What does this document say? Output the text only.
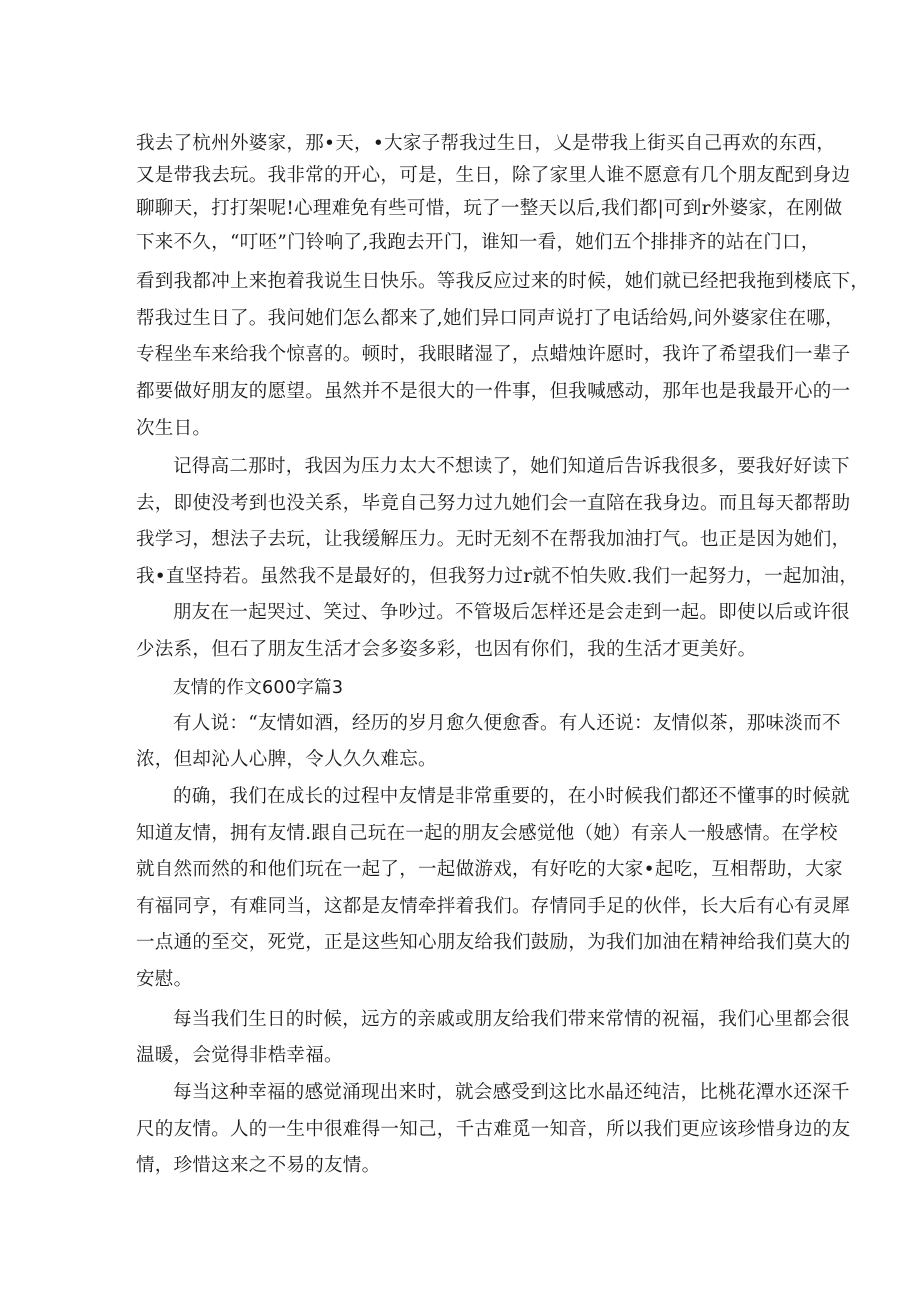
我去了杭州外婆家，那•天，•大家子帮我过生日，乂是带我上街买自己再欢的东西，
又是带我去玩。我非常的开心，可是，生日，除了家里人谁不愿意有几个朋友配到身边
聊聊天，打打架呢!心理难免有些可惜，玩了一整天以后,我们都|可到r外婆家，在刚做
下来不久，“叮呸”门铃响了,我跑去开门，谁知一看，她们五个排排齐的站在门口，
看到我都冲上来抱着我说生日快乐。等我反应过来的时候，她们就已经把我拖到楼底下，
帮我过生日了。我问她们怎么都来了,她们异口同声说打了电话给妈,问外婆家住在哪，
专程坐车来给我个惊喜的。顿时，我眼睹湿了，点蜡烛许愿时，我许了希望我们一辈子
都要做好朋友的愿望。虽然并不是很大的一件事，但我喊感动，那年也是我最开心的一
次生日。
记得高二那时，我因为压力太大不想读了，她们知道后告诉我很多，要我好好读下
去，即使没考到也没关系，毕竟自己努力过九她们会一直陪在我身边。而且每天都帮助
我学习，想法子去玩，让我缓解压力。无时无刻不在帮我加油打气。也正是因为她们，
我•直坚持若。虽然我不是最好的，但我努力过r就不怕失败.我们一起努力，一起加油，
朋友在一起哭过、笑过、争吵过。不管圾后怎样还是会走到一起。即使以后或许很
少法系，但石了朋友生活才会多姿多彩，也因有你们，我的生活才更美好。
友情的作文600字篇3
有人说：“友情如酒，经历的岁月愈久便愈香。有人还说：友情似茶，那味淡而不
浓，但却沁人心脾，令人久久难忘。
的确，我们在成长的过程中友情是非常重要的，在小时候我们都还不懂事的时候就
知道友情，拥有友情.跟自己玩在一起的朋友会感觉他（她）有亲人一般感情。在学校
就自然而然的和他们玩在一起了，一起做游戏，有好吃的大家•起吃，互相帮助，大家
有福同亨，有难同当，这都是友情牵拌着我们。存情同手足的伙伴，长大后有心有灵犀
一点通的至交，死党，正是这些知心朋友给我们鼓励，为我们加油在精神给我们莫大的
安慰。
每当我们生日的时候，远方的亲戚或朋友给我们带来常情的祝福，我们心里都会很
温暖，会觉得非梏幸福。
每当这种幸福的感觉涌现出来时，就会感受到这比水晶还纯洁，比桃花潭水还深千
尺的友情。人的一生中很难得一知己，千古难觅一知音，所以我们更应该珍惜身边的友
情，珍惜这来之不易的友情。
